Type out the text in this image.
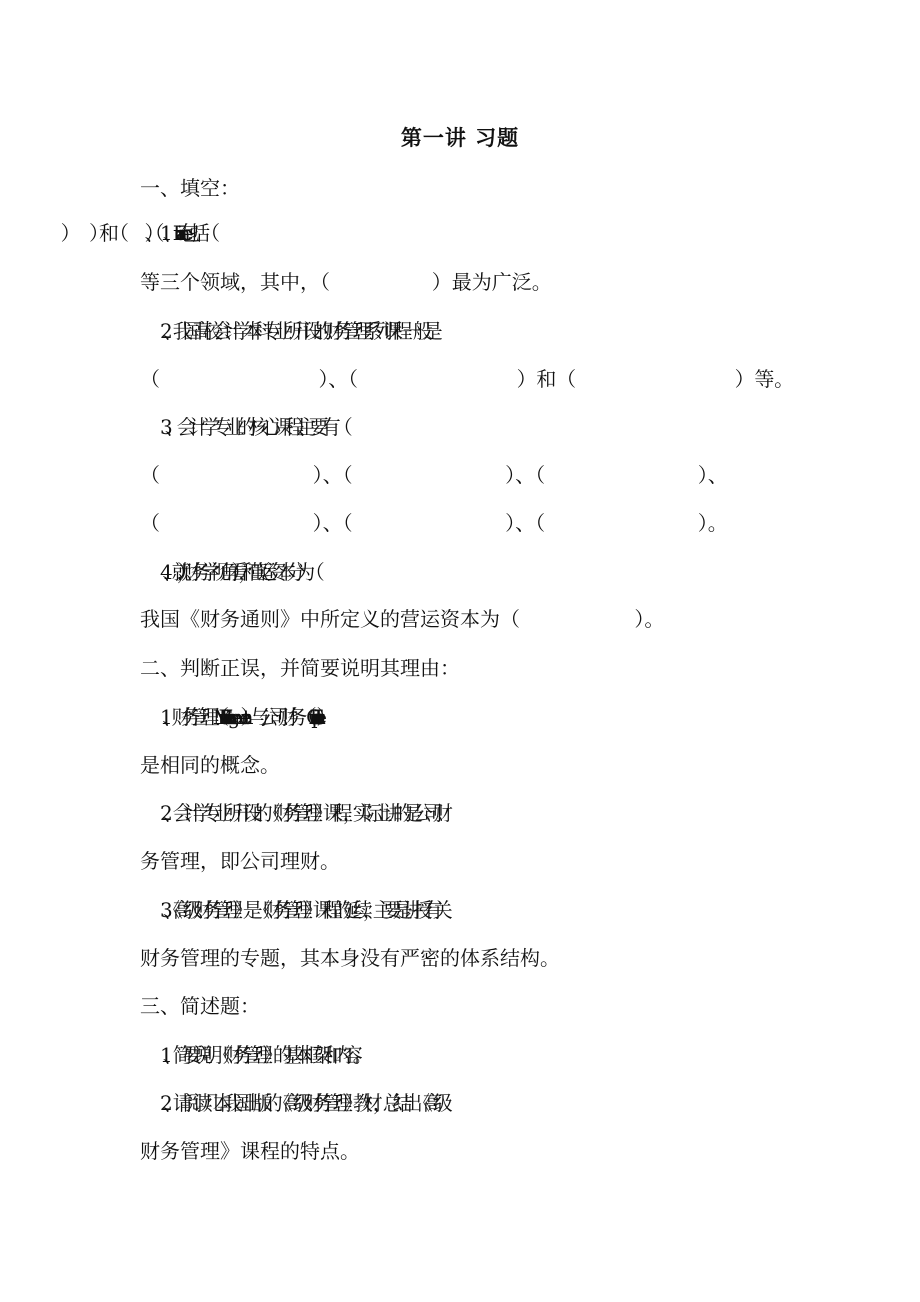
第一讲 习题
一、填空：
等三个领域，其中，（                ）最为广泛。
2、我国高校会计学本科专业所开设的财务管理系列课程一般是
（                          ）、（                          ）和（                          ）等。
3、会计学专业的核心课程主要有（                              ）、
（                        ）、（                        ）、（                        ）、
（                        ）、（                        ）、（                        ）。
4、就财务学视角看，营运资本分为（                    ）和（                    ），
我国《财务通则》中所定义的营运资本为（                  ）。
二、判断正误，并简要说明其理由：
1、财务管理（Financial Management）与公司财务（Corporate Finance）
是相同的概念。
2、会计学专业所开设的《财务管理》课程，实际上讲的是公司财
务管理，即公司理财。
3、《高级财务管理》是《财务管理》课程的延续，主要是讲授有关
财务管理的专题，其本身没有严密的体系结构。
三、简述题：
1、简要说明《财务管理》的基本框架和内容。
2、请阅读几本我国出版的《高级财务管理》教材，总结出《高级
财务管理》课程的特点。
